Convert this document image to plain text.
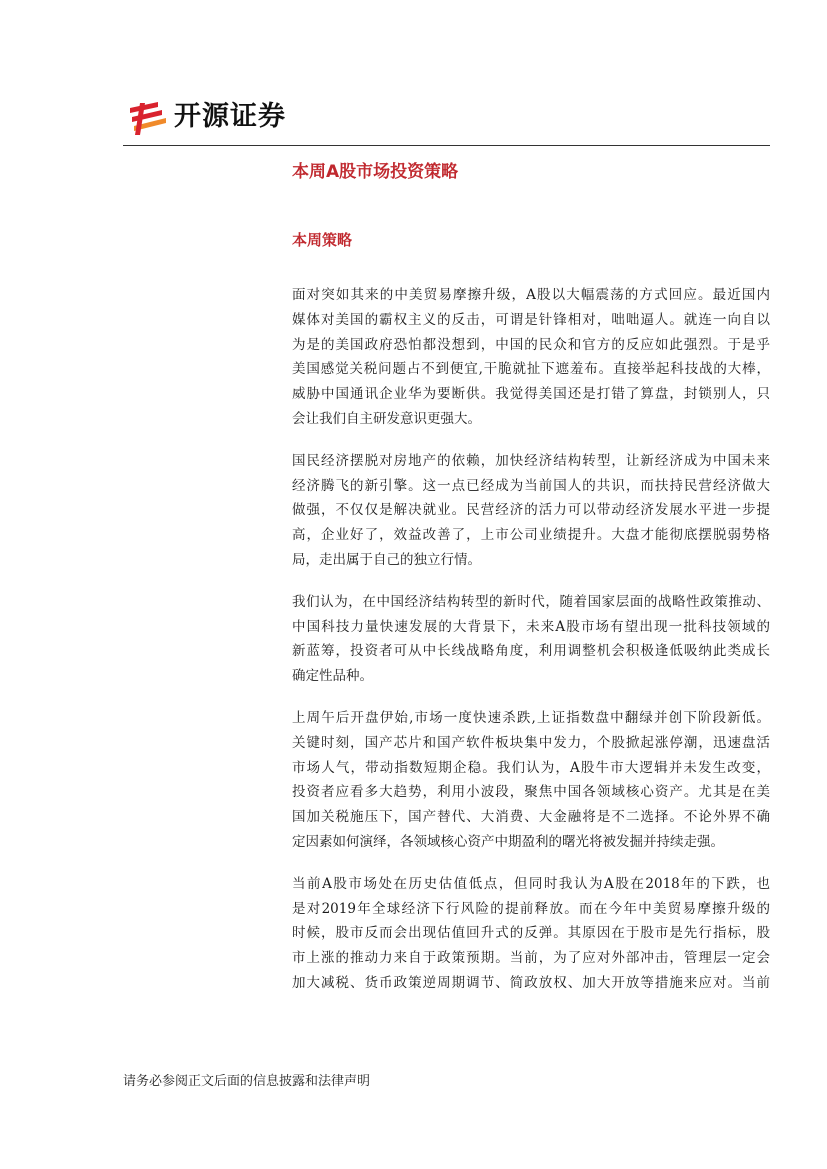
开源证券
本周A股市场投资策略
本周策略

面对突如其来的中美贸易摩擦升级，A股以大幅震荡的方式回应。最近国内
媒体对美国的霸权主义的反击，可谓是针锋相对，咄咄逼人。就连一向自以
为是的美国政府恐怕都没想到，中国的民众和官方的反应如此强烈。于是乎
美国感觉关税问题占不到便宜,干脆就扯下遮羞布。直接举起科技战的大棒，
威胁中国通讯企业华为要断供。我觉得美国还是打错了算盘，封锁别人，只
会让我们自主研发意识更强大。

国民经济摆脱对房地产的依赖，加快经济结构转型，让新经济成为中国未来
经济腾飞的新引擎。这一点已经成为当前国人的共识，而扶持民营经济做大
做强，不仅仅是解决就业。民营经济的活力可以带动经济发展水平进一步提
高，企业好了，效益改善了，上市公司业绩提升。大盘才能彻底摆脱弱势格
局，走出属于自己的独立行情。

我们认为，在中国经济结构转型的新时代，随着国家层面的战略性政策推动、
中国科技力量快速发展的大背景下，未来A股市场有望出现一批科技领域的
新蓝筹，投资者可从中长线战略角度，利用调整机会积极逢低吸纳此类成长
确定性品种。

上周午后开盘伊始,市场一度快速杀跌,上证指数盘中翻绿并创下阶段新低。
关键时刻，国产芯片和国产软件板块集中发力，个股掀起涨停潮，迅速盘活
市场人气，带动指数短期企稳。我们认为，A股牛市大逻辑并未发生改变，
投资者应看多大趋势，利用小波段，聚焦中国各领域核心资产。尤其是在美
国加关税施压下，国产替代、大消费、大金融将是不二选择。不论外界不确
定因素如何演绎，各领域核心资产中期盈利的曙光将被发掘并持续走强。

当前A股市场处在历史估值低点，但同时我认为A股在2018年的下跌，也
是对2019年全球经济下行风险的提前释放。而在今年中美贸易摩擦升级的
时候，股市反而会出现估值回升式的反弹。其原因在于股市是先行指标，股
市上涨的推动力来自于政策预期。当前，为了应对外部冲击，管理层一定会
加大减税、货币政策逆周期调节、简政放权、加大开放等措施来应对。当前

请务必参阅正文后面的信息披露和法律声明
